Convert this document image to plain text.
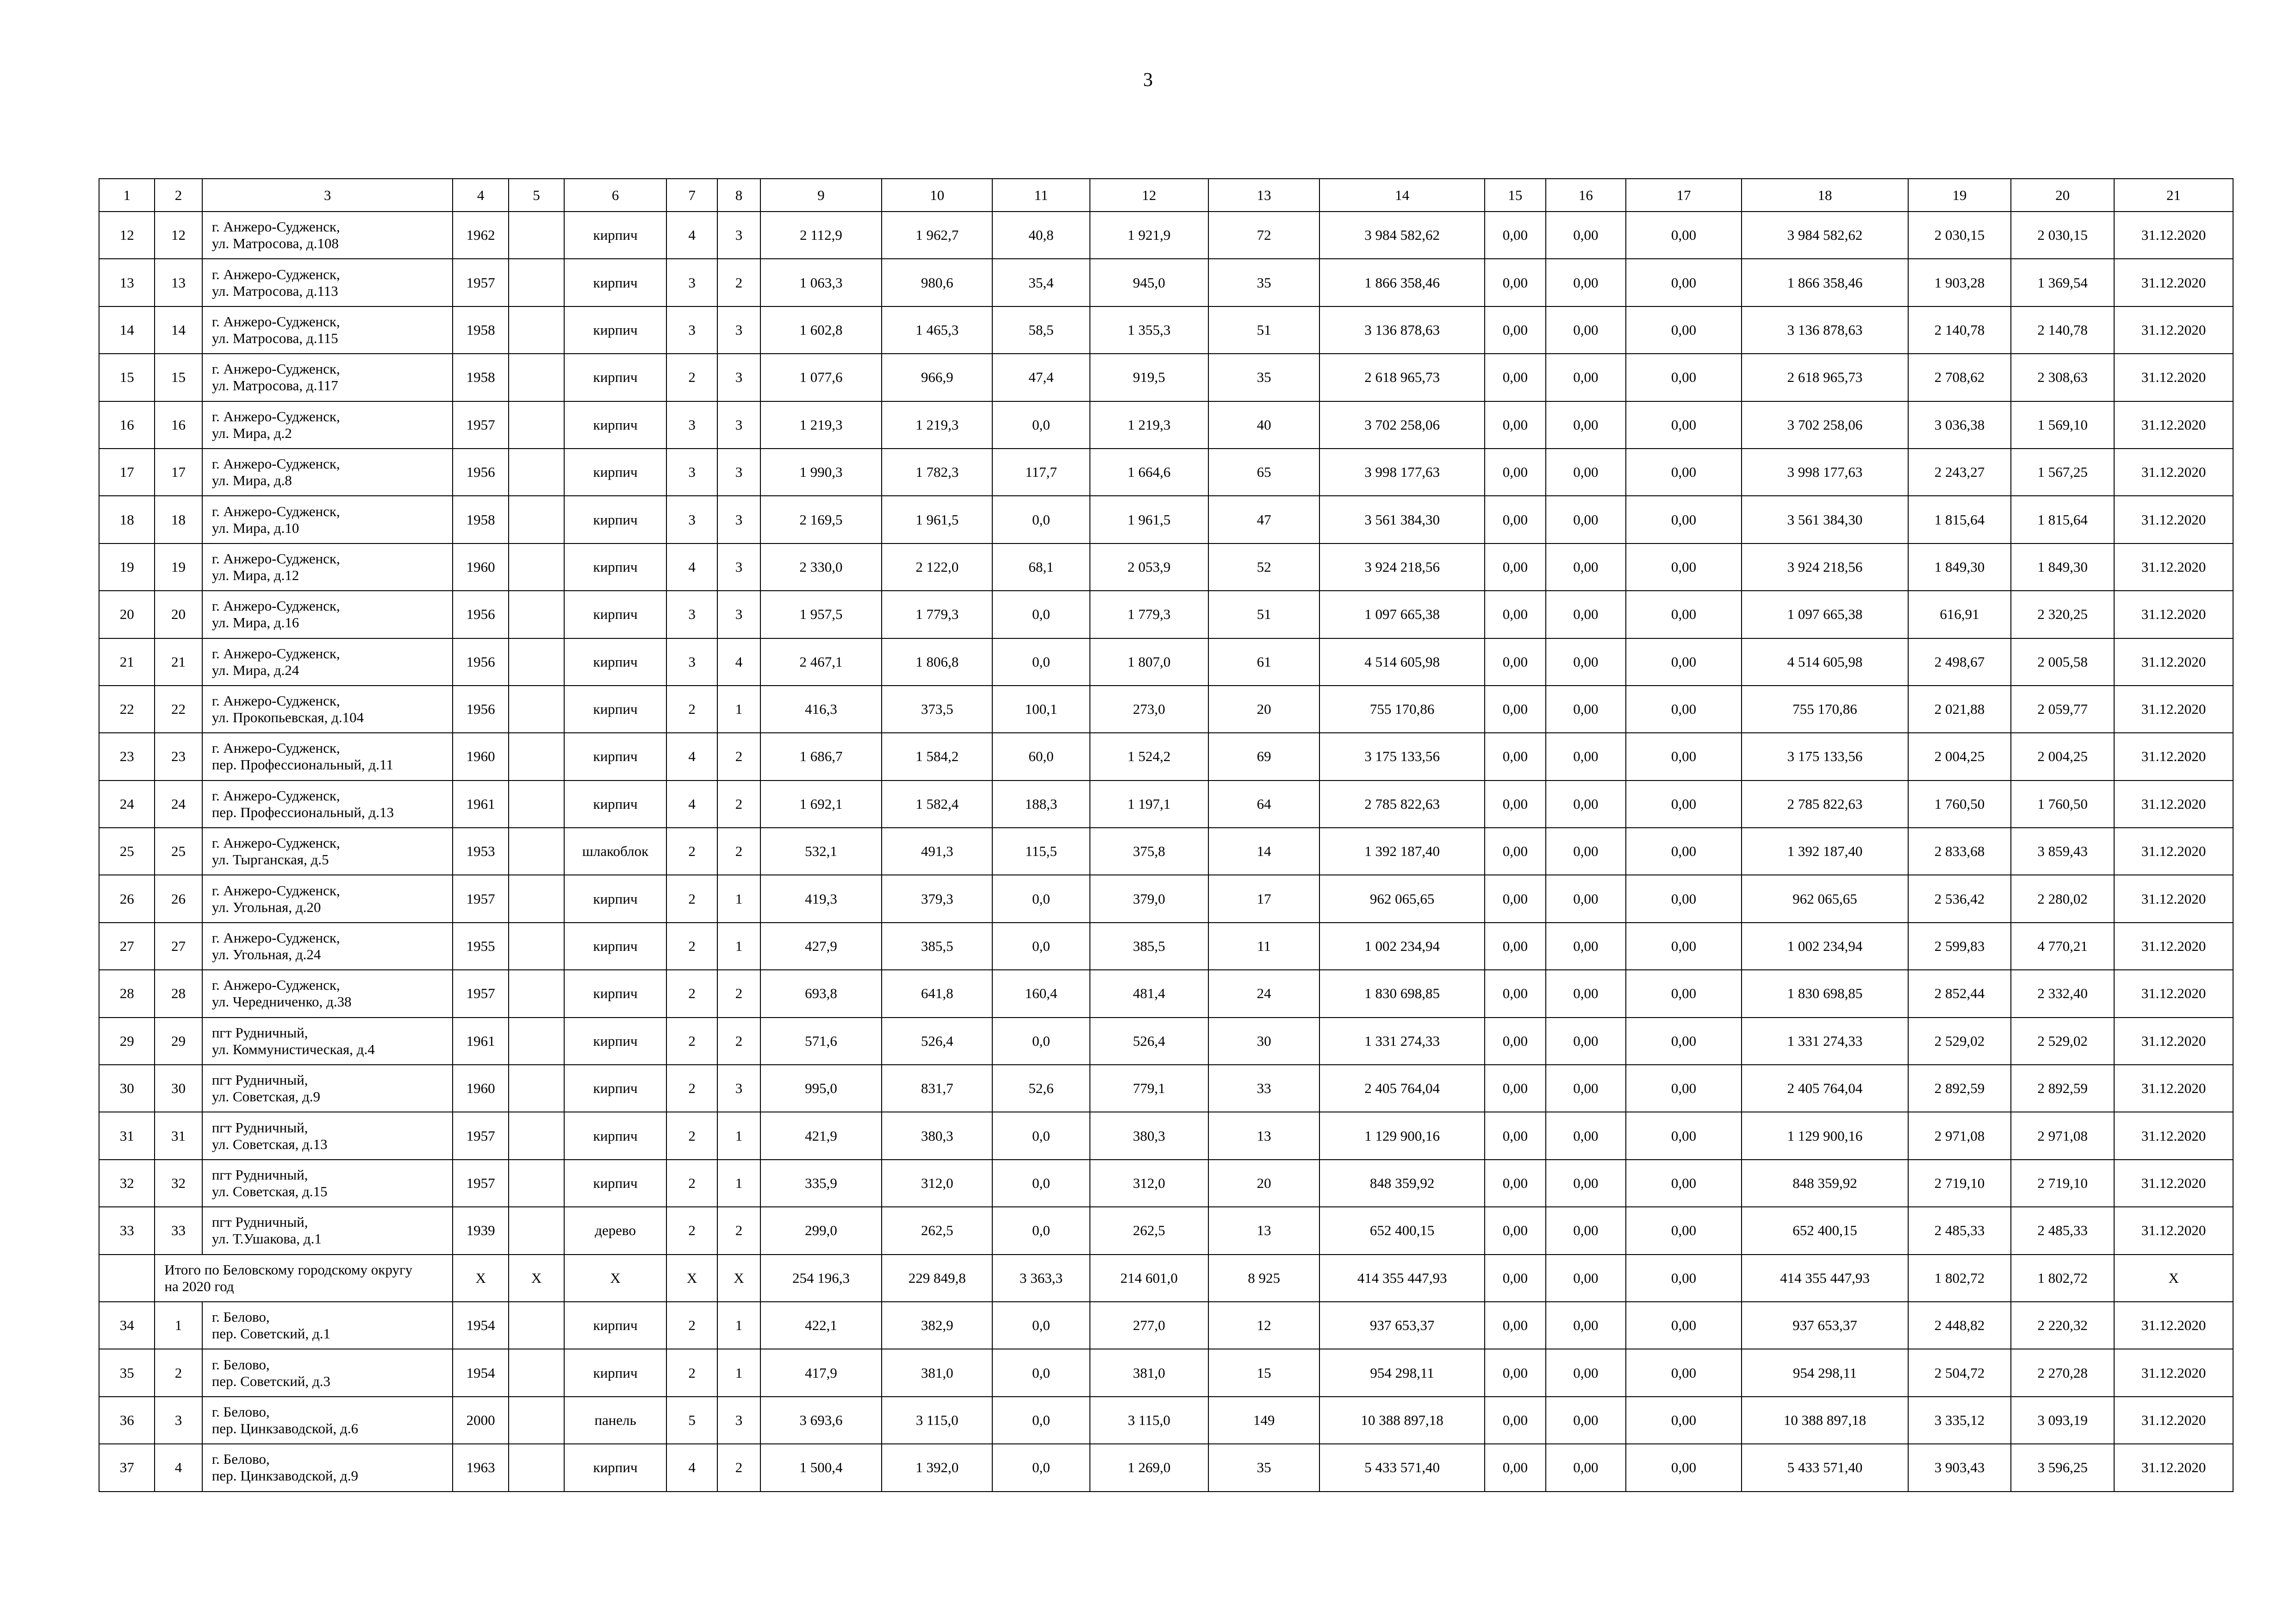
3
1	2	3	4	5	6	7	8	9	10	11	12	13	14	15	16	17	18	19	20	21
12	12	г. Анжеро-Судженск,
ул. Матросова, д.108	1962		кирпич	4	3	2 112,9	1 962,7	40,8	1 921,9	72	3 984 582,62	0,00	0,00	0,00	3 984 582,62	2 030,15	2 030,15	31.12.2020
13	13	г. Анжеро-Судженск,
ул. Матросова, д.113	1957		кирпич	3	2	1 063,3	980,6	35,4	945,0	35	1 866 358,46	0,00	0,00	0,00	1 866 358,46	1 903,28	1 369,54	31.12.2020
14	14	г. Анжеро-Судженск,
ул. Матросова, д.115	1958		кирпич	3	3	1 602,8	1 465,3	58,5	1 355,3	51	3 136 878,63	0,00	0,00	0,00	3 136 878,63	2 140,78	2 140,78	31.12.2020
15	15	г. Анжеро-Судженск,
ул. Матросова, д.117	1958		кирпич	2	3	1 077,6	966,9	47,4	919,5	35	2 618 965,73	0,00	0,00	0,00	2 618 965,73	2 708,62	2 308,63	31.12.2020
16	16	г. Анжеро-Судженск,
ул. Мира, д.2	1957		кирпич	3	3	1 219,3	1 219,3	0,0	1 219,3	40	3 702 258,06	0,00	0,00	0,00	3 702 258,06	3 036,38	1 569,10	31.12.2020
17	17	г. Анжеро-Судженск,
ул. Мира, д.8	1956		кирпич	3	3	1 990,3	1 782,3	117,7	1 664,6	65	3 998 177,63	0,00	0,00	0,00	3 998 177,63	2 243,27	1 567,25	31.12.2020
18	18	г. Анжеро-Судженск,
ул. Мира, д.10	1958		кирпич	3	3	2 169,5	1 961,5	0,0	1 961,5	47	3 561 384,30	0,00	0,00	0,00	3 561 384,30	1 815,64	1 815,64	31.12.2020
19	19	г. Анжеро-Судженск,
ул. Мира, д.12	1960		кирпич	4	3	2 330,0	2 122,0	68,1	2 053,9	52	3 924 218,56	0,00	0,00	0,00	3 924 218,56	1 849,30	1 849,30	31.12.2020
20	20	г. Анжеро-Судженск,
ул. Мира, д.16	1956		кирпич	3	3	1 957,5	1 779,3	0,0	1 779,3	51	1 097 665,38	0,00	0,00	0,00	1 097 665,38	616,91	2 320,25	31.12.2020
21	21	г. Анжеро-Судженск,
ул. Мира, д.24	1956		кирпич	3	4	2 467,1	1 806,8	0,0	1 807,0	61	4 514 605,98	0,00	0,00	0,00	4 514 605,98	2 498,67	2 005,58	31.12.2020
22	22	г. Анжеро-Судженск,
ул. Прокопьевская, д.104	1956		кирпич	2	1	416,3	373,5	100,1	273,0	20	755 170,86	0,00	0,00	0,00	755 170,86	2 021,88	2 059,77	31.12.2020
23	23	г. Анжеро-Судженск,
пер. Профессиональный, д.11	1960		кирпич	4	2	1 686,7	1 584,2	60,0	1 524,2	69	3 175 133,56	0,00	0,00	0,00	3 175 133,56	2 004,25	2 004,25	31.12.2020
24	24	г. Анжеро-Судженск,
пер. Профессиональный, д.13	1961		кирпич	4	2	1 692,1	1 582,4	188,3	1 197,1	64	2 785 822,63	0,00	0,00	0,00	2 785 822,63	1 760,50	1 760,50	31.12.2020
25	25	г. Анжеро-Судженск,
ул. Тырганская, д.5	1953		шлакоблок	2	2	532,1	491,3	115,5	375,8	14	1 392 187,40	0,00	0,00	0,00	1 392 187,40	2 833,68	3 859,43	31.12.2020
26	26	г. Анжеро-Судженск,
ул. Угольная, д.20	1957		кирпич	2	1	419,3	379,3	0,0	379,0	17	962 065,65	0,00	0,00	0,00	962 065,65	2 536,42	2 280,02	31.12.2020
27	27	г. Анжеро-Судженск,
ул. Угольная, д.24	1955		кирпич	2	1	427,9	385,5	0,0	385,5	11	1 002 234,94	0,00	0,00	0,00	1 002 234,94	2 599,83	4 770,21	31.12.2020
28	28	г. Анжеро-Судженск,
ул. Чередниченко, д.38	1957		кирпич	2	2	693,8	641,8	160,4	481,4	24	1 830 698,85	0,00	0,00	0,00	1 830 698,85	2 852,44	2 332,40	31.12.2020
29	29	пгт Рудничный,
ул. Коммунистическая, д.4	1961		кирпич	2	2	571,6	526,4	0,0	526,4	30	1 331 274,33	0,00	0,00	0,00	1 331 274,33	2 529,02	2 529,02	31.12.2020
30	30	пгт Рудничный,
ул. Советская, д.9	1960		кирпич	2	3	995,0	831,7	52,6	779,1	33	2 405 764,04	0,00	0,00	0,00	2 405 764,04	2 892,59	2 892,59	31.12.2020
31	31	пгт Рудничный,
ул. Советская, д.13	1957		кирпич	2	1	421,9	380,3	0,0	380,3	13	1 129 900,16	0,00	0,00	0,00	1 129 900,16	2 971,08	2 971,08	31.12.2020
32	32	пгт Рудничный,
ул. Советская, д.15	1957		кирпич	2	1	335,9	312,0	0,0	312,0	20	848 359,92	0,00	0,00	0,00	848 359,92	2 719,10	2 719,10	31.12.2020
33	33	пгт Рудничный,
ул. Т.Ушакова, д.1	1939		дерево	2	2	299,0	262,5	0,0	262,5	13	652 400,15	0,00	0,00	0,00	652 400,15	2 485,33	2 485,33	31.12.2020

	Итого по Беловскому городскому округу
на 2020 год		X	X	X	X	X	254 196,3	229 849,8	3 363,3	214 601,0	8 925	414 355 447,93	0,00	0,00	0,00	414 355 447,93	1 802,72	1 802,72	X
34	1	г. Белово,
пер. Советский, д.1	1954		кирпич	2	1	422,1	382,9	0,0	277,0	12	937 653,37	0,00	0,00	0,00	937 653,37	2 448,82	2 220,32	31.12.2020
35	2	г. Белово,
пер. Советский, д.3	1954		кирпич	2	1	417,9	381,0	0,0	381,0	15	954 298,11	0,00	0,00	0,00	954 298,11	2 504,72	2 270,28	31.12.2020
36	3	г. Белово,
пер. Цинкзаводской, д.6	2000		панель	5	3	3 693,6	3 115,0	0,0	3 115,0	149	10 388 897,18	0,00	0,00	0,00	10 388 897,18	3 335,12	3 093,19	31.12.2020
37	4	г. Белово,
пер. Цинкзаводской, д.9	1963		кирпич	4	2	1 500,4	1 392,0	0,0	1 269,0	35	5 433 571,40	0,00	0,00	0,00	5 433 571,40	3 903,43	3 596,25	31.12.2020
